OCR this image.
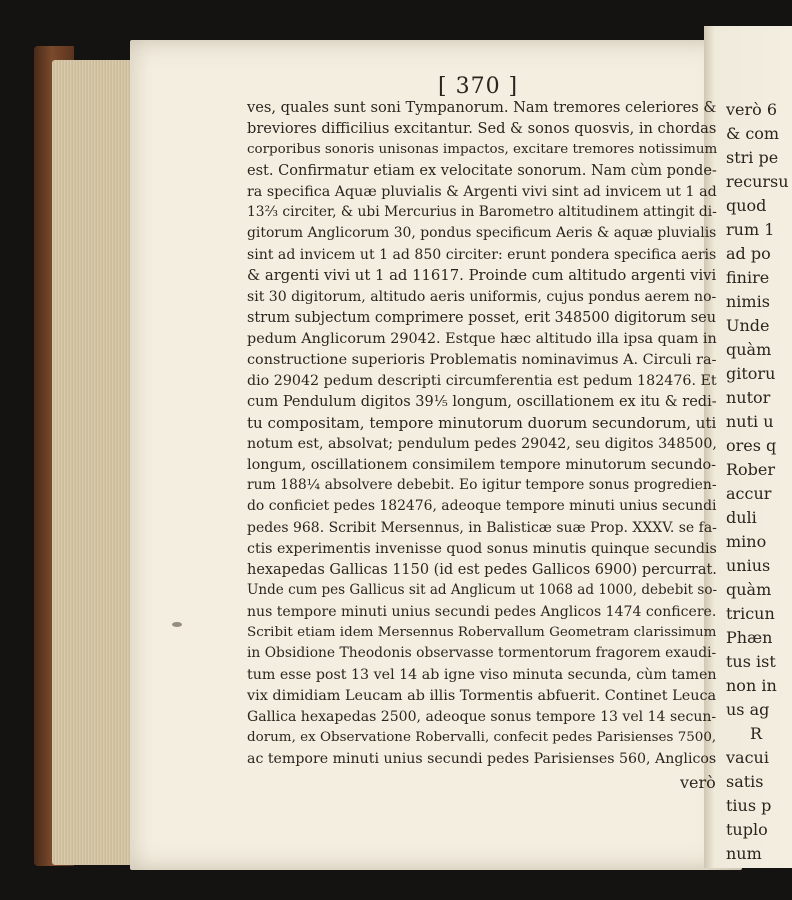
verò 6
& com
stri pe
recursu
quod
rum 1
ad po
finire
nimis
Unde
quàm
gitoru
nutor
nuti u
ores q
Rober
accur
duli
mino
unius
quàm
tricun
Phæn
tus ist
non in
us ag
R
vacui
satis
tius p
tuplo
num
[ 370 ]
ves, quales sunt soni Tympanorum. Nam tremores celeriores &
breviores difficilius excitantur. Sed & sonos quosvis, in chordas
corporibus sonoris unisonas impactos, excitare tremores notissimum
est. Confirmatur etiam ex velocitate sonorum. Nam cùm ponde-
ra specifica Aquæ pluvialis & Argenti vivi sint ad invicem ut 1 ad
13⅔ circiter, & ubi Mercurius in Barometro altitudinem attingit di-
gitorum Anglicorum 30, pondus specificum Aeris & aquæ pluvialis
sint ad invicem ut 1 ad 850 circiter: erunt pondera specifica aeris
& argenti vivi ut 1 ad 11617. Proinde cum altitudo argenti vivi
sit 30 digitorum, altitudo aeris uniformis, cujus pondus aerem no-
strum subjectum comprimere posset, erit 348500 digitorum seu
pedum Anglicorum 29042. Estque hæc altitudo illa ipsa quam in
constructione superioris Problematis nominavimus A. Circuli ra-
dio 29042 pedum descripti circumferentia est pedum 182476. Et
cum Pendulum digitos 39⅕ longum, oscillationem ex itu & redi-
tu compositam, tempore minutorum duorum secundorum, uti
notum est, absolvat; pendulum pedes 29042, seu digitos 348500,
longum, oscillationem consimilem tempore minutorum secundo-
rum 188¼ absolvere debebit. Eo igitur tempore sonus progredien-
do conficiet pedes 182476, adeoque tempore minuti unius secundi
pedes 968. Scribit Mersennus, in Balisticæ suæ Prop. XXXV. se fa-
ctis experimentis invenisse quod sonus minutis quinque secundis
hexapedas Gallicas 1150 (id est pedes Gallicos 6900) percurrat.
Unde cum pes Gallicus sit ad Anglicum ut 1068 ad 1000, debebit so-
nus tempore minuti unius secundi pedes Anglicos 1474 conficere.
Scribit etiam idem Mersennus Robervallum Geometram clarissimum
in Obsidione Theodonis observasse tormentorum fragorem exaudi-
tum esse post 13 vel 14 ab igne viso minuta secunda, cùm tamen
vix dimidiam Leucam ab illis Tormentis abfuerit. Continet Leuca
Gallica hexapedas 2500, adeoque sonus tempore 13 vel 14 secun-
dorum, ex Observatione Robervalli, confecit pedes Parisienses 7500,
ac tempore minuti unius secundi pedes Parisienses 560, Anglicos
verò
